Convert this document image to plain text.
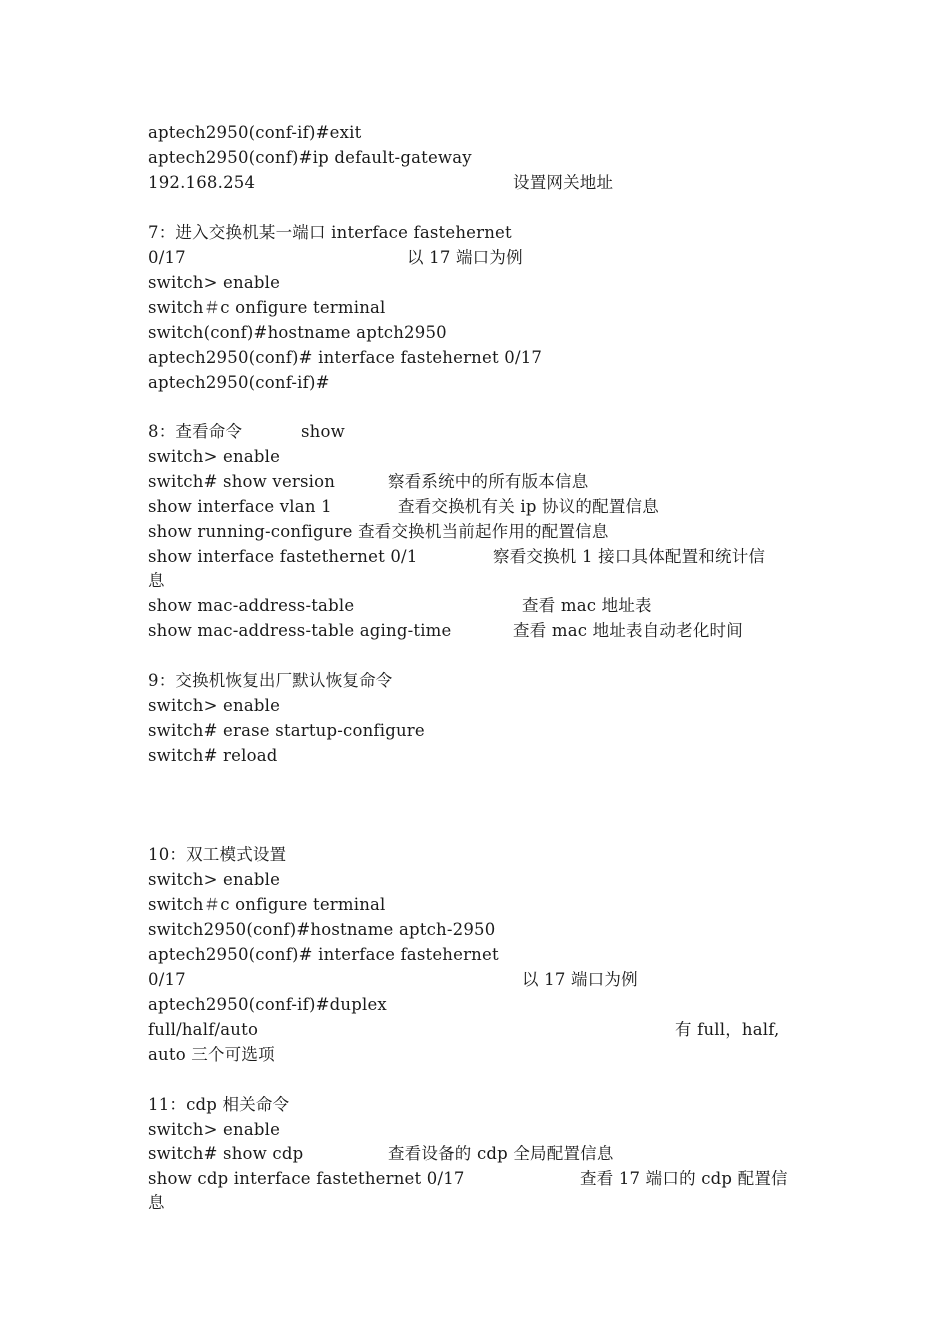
aptech2950(conf-if)#exit
aptech2950(conf)#ip default-gateway
192.168.254	设置网关地址
7：进入交换机某一端口 interface fastehernet
0/17	以 17 端口为例
switch> enable
switch＃c onfigure terminal
switch(conf)#hostname aptch2950
aptech2950(conf)# interface fastehernet 0/17
aptech2950(conf-if)#
8：查看命令	show
switch> enable
switch# show version	察看系统中的所有版本信息
show interface vlan 1	查看交换机有关 ip 协议的配置信息
show running-configure 查看交换机当前起作用的配置信息
show interface fastethernet 0/1	察看交换机 1 接口具体配置和统计信
息
show mac-address-table	查看 mac 地址表
show mac-address-table aging-time	查看 mac 地址表自动老化时间
9：交换机恢复出厂默认恢复命令
switch> enable
switch# erase startup-configure
switch# reload
10：双工模式设置
switch> enable
switch＃c onfigure terminal
switch2950(conf)#hostname aptch-2950
aptech2950(conf)# interface fastehernet
0/17	以 17 端口为例
aptech2950(conf-if)#duplex
full/half/auto	有 full，half,
auto 三个可选项
11：cdp 相关命令
switch> enable
switch# show cdp	查看设备的 cdp 全局配置信息
show cdp interface fastethernet 0/17	查看 17 端口的 cdp 配置信
息
